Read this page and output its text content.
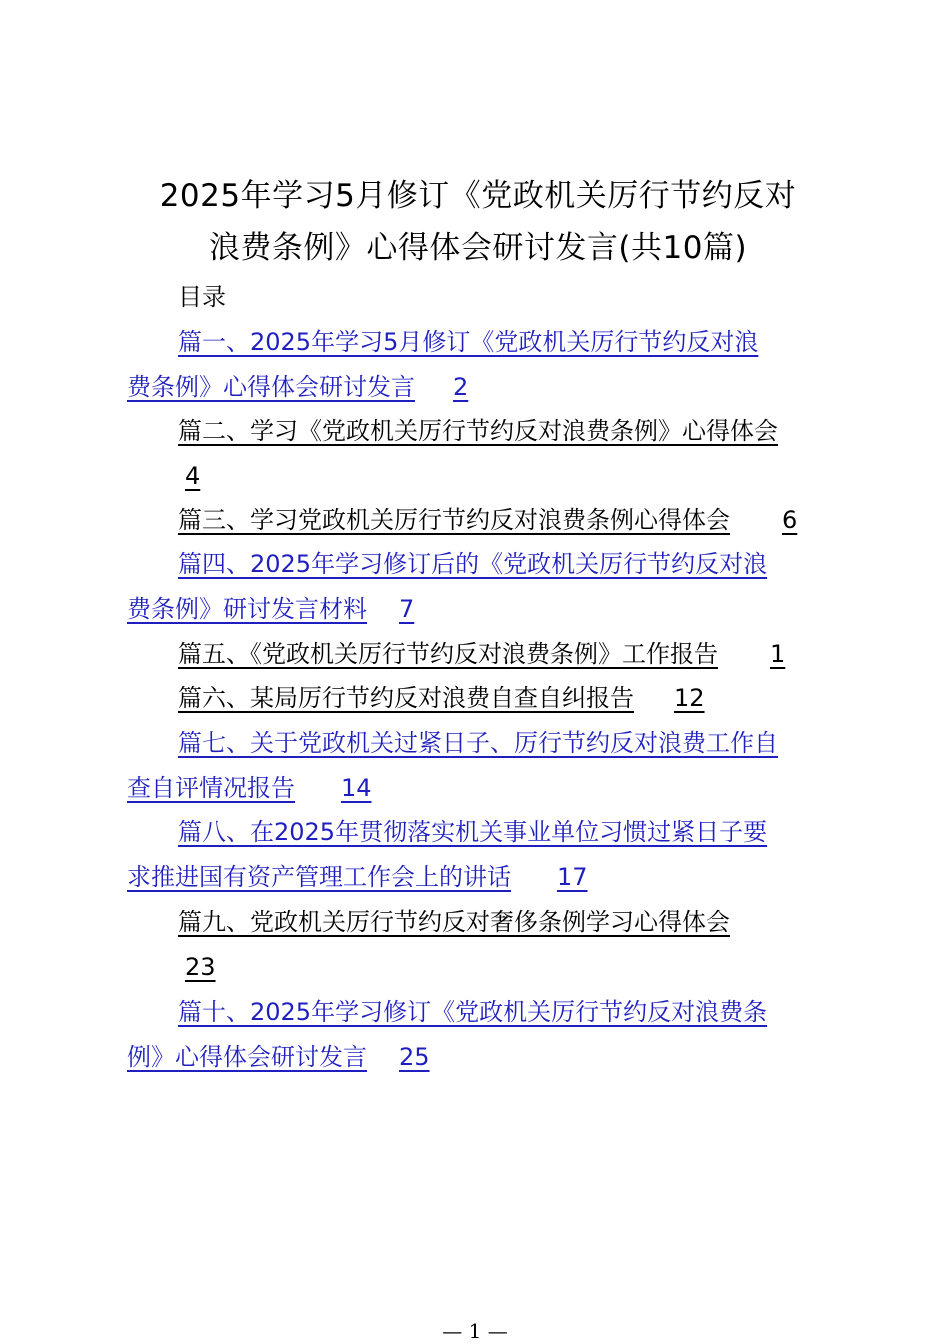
2025年学习5月修订《党政机关厉行节约反对
浪费条例》心得体会研讨发言(共10篇)
目录
篇一、2025年学习5月修订《党政机关厉行节约反对浪
费条例》心得体会研讨发言 2
篇二、学习《党政机关厉行节约反对浪费条例》心得体会
4
篇三、学习党政机关厉行节约反对浪费条例心得体会 6
篇四、2025年学习修订后的《党政机关厉行节约反对浪
费条例》研讨发言材料 7
篇五、《党政机关厉行节约反对浪费条例》工作报告 1
篇六、某局厉行节约反对浪费自查自纠报告 12
篇七、关于党政机关过紧日子、厉行节约反对浪费工作自
查自评情况报告 14
篇八、在2025年贯彻落实机关事业单位习惯过紧日子要
求推进国有资产管理工作会上的讲话 17
篇九、党政机关厉行节约反对奢侈条例学习心得体会
23
篇十、2025年学习修订《党政机关厉行节约反对浪费条
例》心得体会研讨发言 25
— 1 —
